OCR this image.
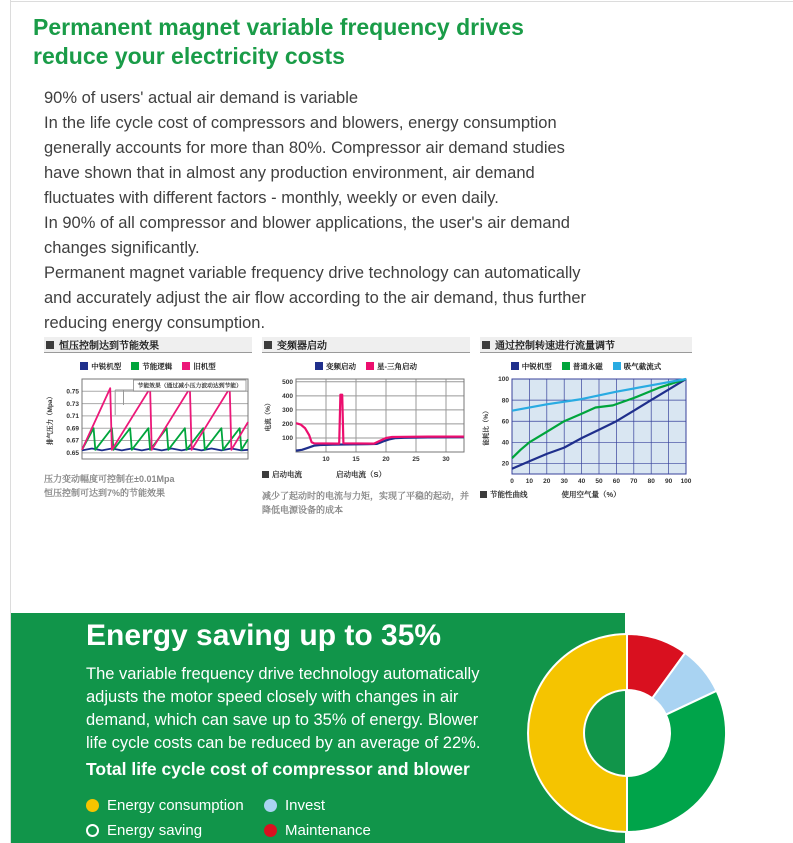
Permanent magnet variable frequency drives
reduce your electricity costs
90% of users' actual air demand is variable
In the life cycle cost of compressors and blowers, energy consumption
generally accounts for more than 80%. Compressor air demand studies
have shown that in almost any production environment, air demand
fluctuates with different factors - monthly, weekly or even daily.
In 90% of all compressor and blower applications, the user's air demand
changes significantly.
Permanent magnet variable frequency drive technology can automatically
and accurately adjust the air flow according to the air demand, thus further
reducing energy consumption.
恒压控制达到节能效果
中锐机型	节能逻辑	旧机型
0.65
0.67
0.69
0.71
0.73
0.75
排气压力（Mpa）
节能效果（通过减小压力波动达到节能）
压力变动幅度可控制在±0.01Mpa
恒压控制可达到7%的节能效果
变频器启动
变频启动	星-三角启动
100
200
300
400
500
10	15	20	25	30
电流（%）
启动电流	启动电流（S）
减少了起动时的电流与力矩，实现了平稳的起动，并降低电源设备的成本
通过控制转速进行流量调节
中锐机型	普通永磁	吸气截流式
20
40
60
80
100
0 10 20 30 40 50 60 70 80 90 100
能耗比（%）
节能性曲线	使用空气量（%）
Energy saving up to 35%
The variable frequency drive technology automatically
adjusts the motor speed closely with changes in air
demand, which can save up to 35% of energy. Blower
life cycle costs can be reduced by an average of 22%.
Total life cycle cost of compressor and blower
Energy consumption	Invest
Energy saving	Maintenance
